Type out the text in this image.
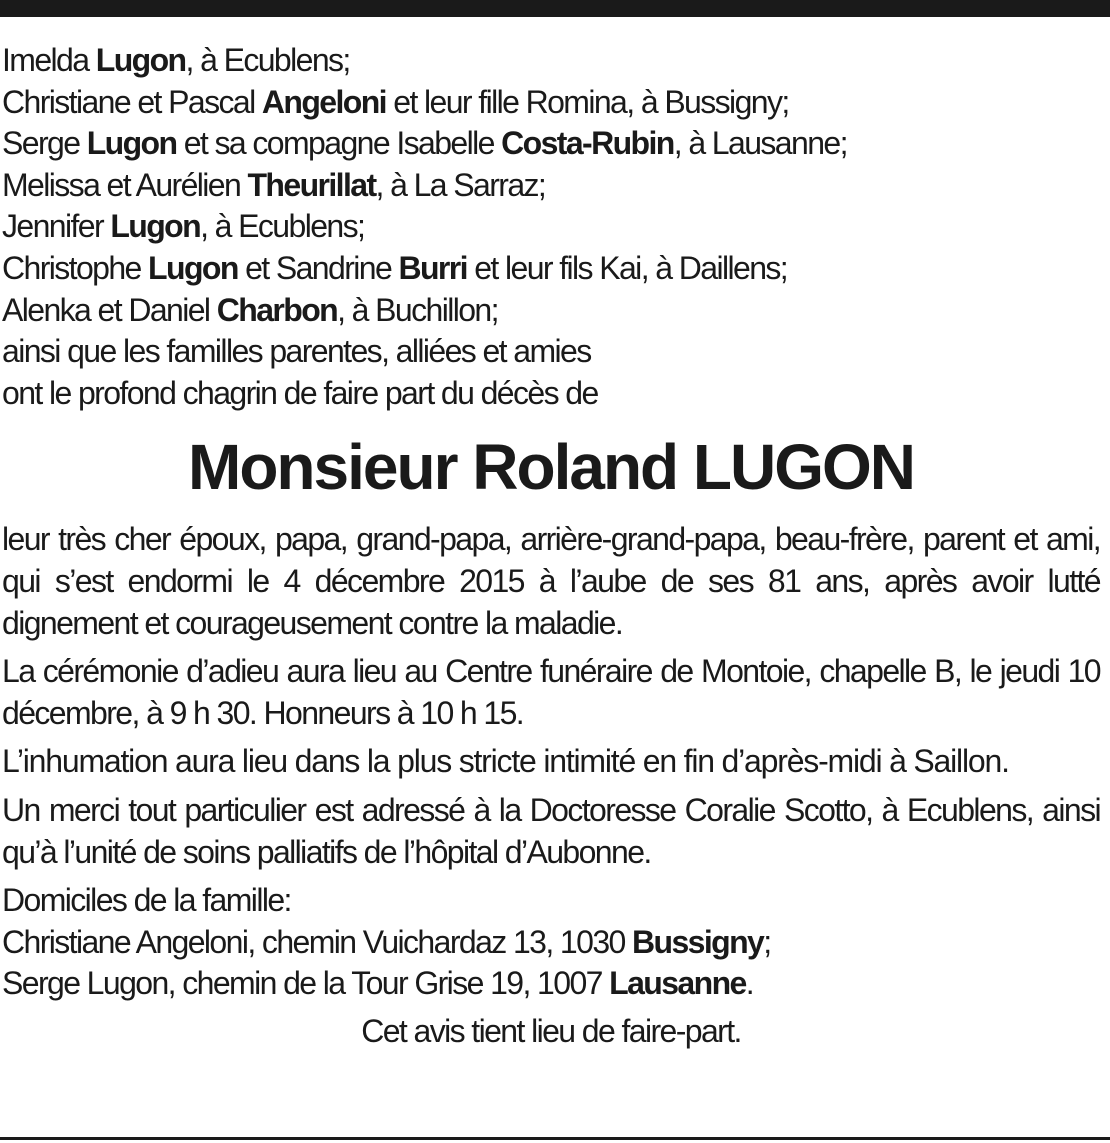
Imelda Lugon, à Ecublens;
Christiane et Pascal Angeloni et leur fille Romina, à Bussigny;
Serge Lugon et sa compagne Isabelle Costa-Rubin, à Lausanne;
Melissa et Aurélien Theurillat, à La Sarraz;
Jennifer Lugon, à Ecublens;
Christophe Lugon et Sandrine Burri et leur fils Kai, à Daillens;
Alenka et Daniel Charbon, à Buchillon;
ainsi que les familles parentes, alliées et amies
ont le profond chagrin de faire part du décès de
Monsieur Roland LUGON

leur très cher époux, papa, grand-papa, arrière-grand-papa, beau-frère, parent et ami, qui s’est endormi le 4 décembre 2015 à l’aube de ses 81 ans, après avoir lutté dignement et courageusement contre la maladie.

La cérémonie d’adieu aura lieu au Centre funéraire de Montoie, chapelle B, le jeudi 10 décembre, à 9 h 30. Honneurs à 10 h 15.

L’inhumation aura lieu dans la plus stricte intimité en fin d’après-midi à Saillon.

Un merci tout particulier est adressé à la Doctoresse Coralie Scotto, à Ecublens, ainsi qu’à l’unité de soins palliatifs de l’hôpital d’Aubonne.

Domiciles de la famille:
Christiane Angeloni, chemin Vuichardaz 13, 1030 Bussigny;
Serge Lugon, chemin de la Tour Grise 19, 1007 Lausanne.
Cet avis tient lieu de faire-part.
